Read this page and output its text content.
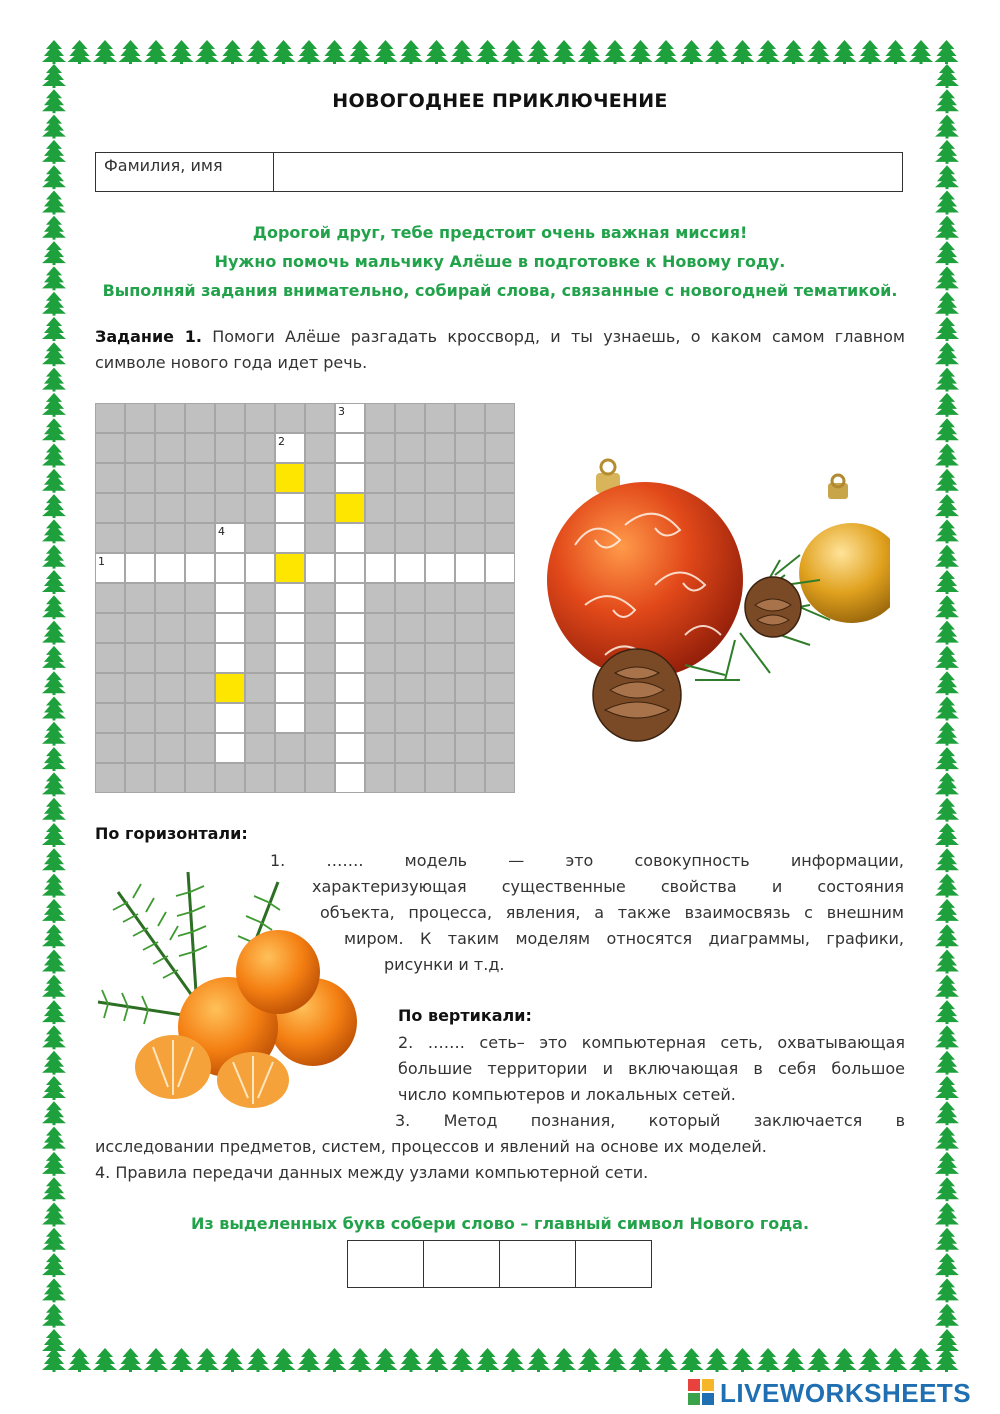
НОВОГОДНЕЕ ПРИКЛЮЧЕНИЕ
Фамилия, имя
Дорогой друг, тебе предстоит очень важная миссия!
Нужно помочь мальчику Алёше в подготовке к Новому году.
Выполняй задания внимательно, собирай слова, связанные с новогодней тематикой.
Задание 1. Помоги Алёше разгадать кроссворд, и ты узнаешь, о каком самом главном символе нового года идет речь.
3
2
4
1
По горизонтали:
1. ……. модель — это совокупность информации,
характеризующая существенные свойства и состояния
объекта, процесса, явления, а также взаимосвязь с внешним
миром. К таким моделям относятся диаграммы, графики,
рисунки и т.д.
По вертикали:
2. ……. сеть– это компьютерная сеть, охватывающая
большие территории и включающая в себя большое
число компьютеров и локальных сетей.
3. Метод познания, который заключается в
исследовании предметов, систем, процессов и явлений на основе их моделей.
4. Правила передачи данных между узлами компьютерной сети.
Из выделенных букв собери слово – главный символ Нового года.
LIVEWORKSHEETS
